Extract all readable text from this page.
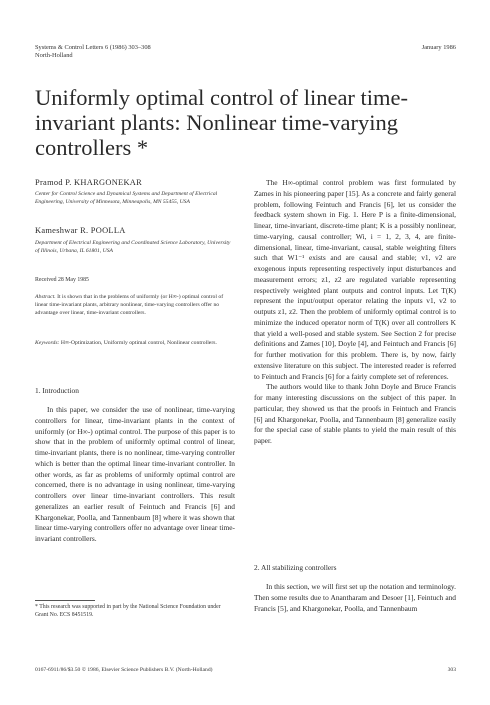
Systems & Control Letters 6 (1986) 303–308
North-Holland
January 1986
Uniformly optimal control of linear time-invariant plants: Nonlinear time-varying controllers *
Pramod P. KHARGONEKAR
Center for Control Science and Dynamical Systems and Department of Electrical Engineering, University of Minnesota, Minneapolis, MN 55455, USA
Kameshwar R. POOLLA
Department of Electrical Engineering and Coordinated Science Laboratory, University of Illinois, Urbana, IL 61801, USA
Received 28 May 1985
Abstract. It is shown that in the problems of uniformly (or H∞-) optimal control of linear time-invariant plants, arbitrary nonlinear, time-varying controllers offer no advantage over linear, time-invariant controllers.
Keywords: H∞-Optimization, Uniformly optimal control, Nonlinear controllers.
1. Introduction

In this paper, we consider the use of nonlinear, time-varying controllers for linear, time-invariant plants in the context of uniformly (or H∞-) optimal control. The purpose of this paper is to show that in the problem of uniformly optimal control of linear, time-invariant plants, there is no nonlinear, time-varying controller which is better than the optimal linear time-invariant controller. In other words, as far as problems of uniformly optimal control are concerned, there is no advantage in using nonlinear, time-varying controllers over linear time-invariant controllers. This result generalizes an earlier result of Feintuch and Francis [6] and Khargonekar, Poolla, and Tannenbaum [8] where it was shown that linear time-varying controllers offer no advantage over linear time-invariant controllers.

* This research was supported in part by the National Science Foundation under Grant No. ECS 8451519.

The H∞-optimal control problem was first formulated by Zames in his pioneering paper [15]. As a concrete and fairly general problem, following Feintuch and Francis [6], let us consider the feedback system shown in Fig. 1. Here P is a finite-dimensional, linear, time-invariant, discrete-time plant; K is a possibly nonlinear, time-varying, causal controller; Wi, i = 1, 2, 3, 4, are finite-dimensional, linear, time-invariant, causal, stable weighting filters such that W1⁻¹ exists and are causal and stable; v1, v2 are exogenous inputs representing respectively input disturbances and measurement errors; z1, z2 are regulated variable representing respectively weighted plant outputs and control inputs. Let T(K) represent the input/output operator relating the inputs v1, v2 to outputs z1, z2. Then the problem of uniformly optimal control is to minimize the induced operator norm of T(K) over all controllers K that yield a well-posed and stable system. See Section 2 for precise definitions and Zames [10], Doyle [4], and Feintuch and Francis [6] for further motivation for this problem. There is, by now, fairly extensive literature on this subject. The interested reader is referred to Feintuch and Francis [6] for a fairly complete set of references.

The authors would like to thank John Doyle and Bruce Francis for many interesting discussions on the subject of this paper. In particular, they showed us that the proofs in Feintuch and Francis [6] and Khargonekar, Poolla, and Tannenbaum [8] generalize easily for the special case of stable plants to yield the main result of this paper.

2. All stabilizing controllers

In this section, we will first set up the notation and terminology. Then some results due to Anantharam and Desoer [1], Feintuch and Francis [5], and Khargonekar, Poolla, and Tannenbaum

0167-6911/86/$3.50 © 1986, Elsevier Science Publishers B.V. (North-Holland)	303
